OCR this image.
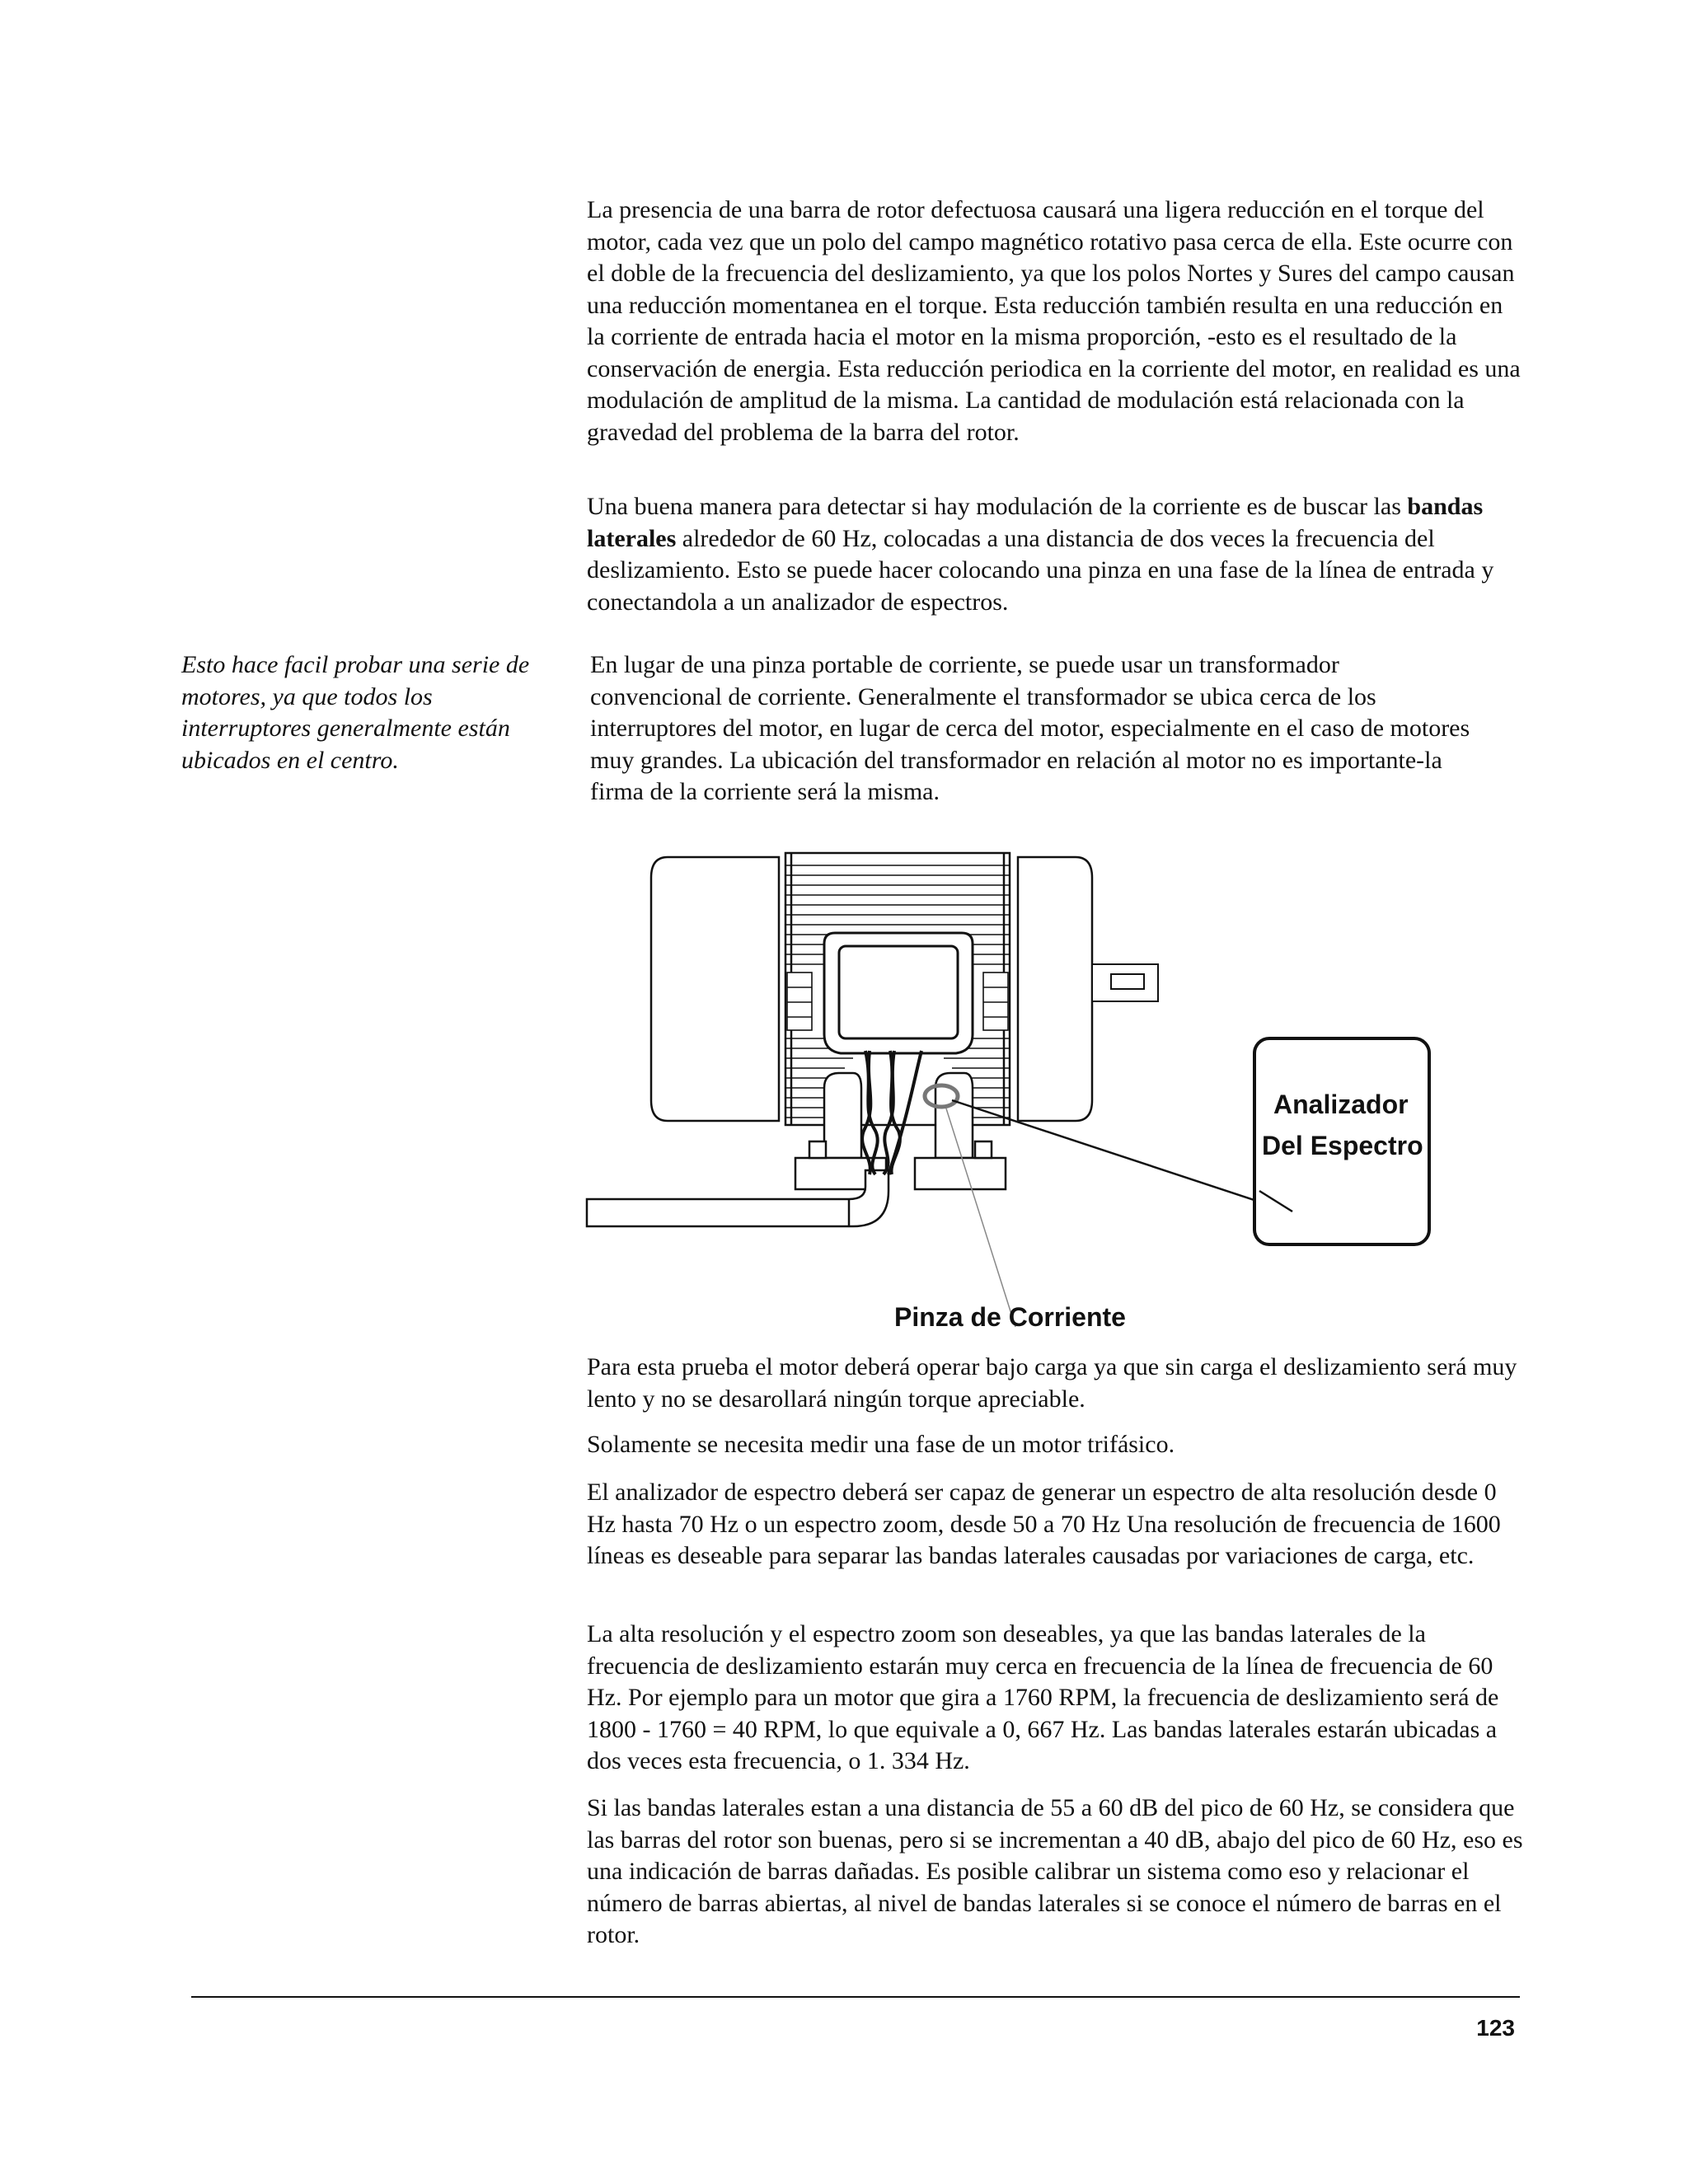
La presencia de una barra de rotor defectuosa causará una ligera reducción en el torque del motor, cada vez que un polo del campo magnético rotativo pasa cerca de ella. Este ocurre con el doble de la frecuencia del deslizamiento, ya que los polos Nortes y Sures del campo causan una reducción momentanea en el torque. Esta reducción también resulta en una reducción en la corriente de entrada hacia el motor en la misma proporción, -esto es el resultado de la conservación de energia. Esta reducción periodica en la corriente del motor, en realidad es una modulación de amplitud de la misma. La cantidad de modulación está relacionada con la gravedad del problema de la barra del rotor.

Una buena manera para detectar si hay modulación de la corriente es de buscar las bandas laterales alrededor de 60 Hz, colocadas a una distancia de dos veces la frecuencia del deslizamiento. Esto se puede hacer colocando una pinza en una fase de la línea de entrada y conectandola a un analizador de espectros.

Esto hace facil probar una serie de motores, ya que todos los interruptores generalmente están ubicados en el centro.

En lugar de una pinza portable de corriente, se puede usar un transformador convencional de corriente. Generalmente el transformador se ubica cerca de los interruptores del motor, en lugar de cerca del motor, especialmente en el caso de motores muy grandes. La ubicación del transformador en relación al motor no es importante-la firma de la corriente será la misma.

Analizador
Del Espectro
Pinza de Corriente

Para esta prueba el motor deberá operar bajo carga ya que sin carga el deslizamiento será muy lento y no se desarollará ningún torque apreciable.

Solamente se necesita medir una fase de un motor trifásico.

El analizador de espectro deberá ser capaz de generar un espectro de alta resolución desde 0 Hz hasta 70 Hz o un espectro zoom, desde 50 a 70 Hz Una resolución de frecuencia de 1600 líneas es deseable para separar las bandas laterales causadas por variaciones de carga, etc.

La alta resolución y el espectro zoom son deseables, ya que las bandas laterales de la frecuencia de deslizamiento estarán muy cerca en frecuencia de la línea de frecuencia de 60 Hz. Por ejemplo para un motor que gira a 1760 RPM, la frecuencia de deslizamiento será de 1800 - 1760 = 40 RPM, lo que equivale a 0, 667 Hz. Las bandas laterales estarán ubicadas a dos veces esta frecuencia, o 1. 334 Hz.

Si las bandas laterales estan a una distancia de 55 a 60 dB del pico de 60 Hz, se considera que las barras del rotor son buenas, pero si se incrementan a 40 dB, abajo del pico de 60 Hz, eso es una indicación de barras dañadas. Es posible calibrar un sistema como eso y relacionar el número de barras abiertas, al nivel de bandas laterales si se conoce el número de barras en el rotor.

123
